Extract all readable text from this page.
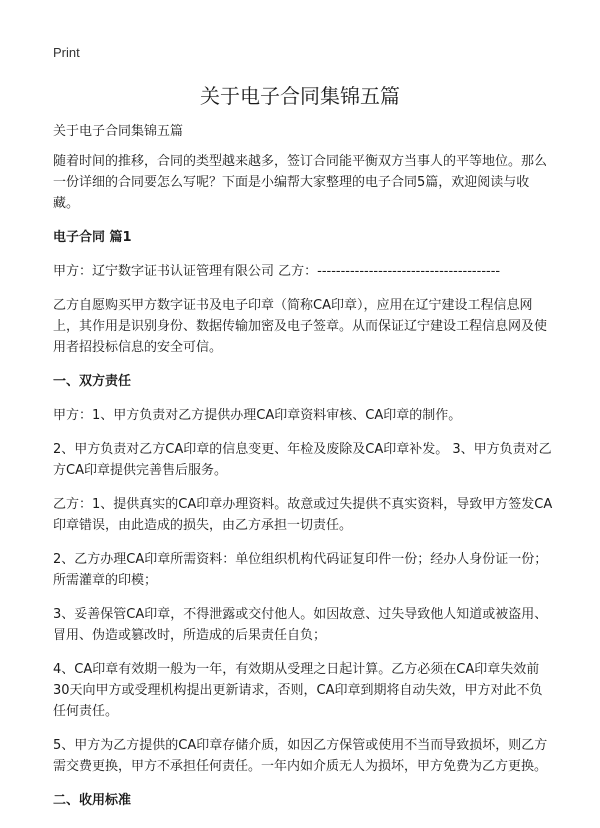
Print
关于电子合同集锦五篇

关于电子合同集锦五篇

随着时间的推移，合同的类型越来越多，签订合同能平衡双方当事人的平等地位。那么一份详细的合同要怎么写呢？下面是小编帮大家整理的电子合同5篇，欢迎阅读与收藏。

电子合同 篇1

甲方：辽宁数字证书认证管理有限公司 乙方：---------------------------------------

乙方自愿购买甲方数字证书及电子印章（简称CA印章），应用在辽宁建设工程信息网上，其作用是识别身份、数据传输加密及电子签章。从而保证辽宁建设工程信息网及使用者招投标信息的安全可信。

一、双方责任

甲方：1、甲方负责对乙方提供办理CA印章资料审核、CA印章的制作。

2、甲方负责对乙方CA印章的信息变更、年检及废除及CA印章补发。 3、甲方负责对乙方CA印章提供完善售后服务。

乙方：1、提供真实的CA印章办理资料。故意或过失提供不真实资料，导致甲方签发CA印章错误，由此造成的损失，由乙方承担一切责任。

2、乙方办理CA印章所需资料：单位组织机构代码证复印件一份；经办人身份证一份；所需灌章的印模；

3、妥善保管CA印章，不得泄露或交付他人。如因故意、过失导致他人知道或被盗用、冒用、伪造或篡改时，所造成的后果责任自负；

4、CA印章有效期一般为一年，有效期从受理之日起计算。乙方必须在CA印章失效前30天向甲方或受理机构提出更新请求，否则，CA印章到期将自动失效，甲方对此不负任何责任。

5、甲方为乙方提供的CA印章存储介质，如因乙方保管或使用不当而导致损坏，则乙方需交费更换，甲方不承担任何责任。一年内如介质无人为损坏，甲方免费为乙方更换。

二、收用标准
